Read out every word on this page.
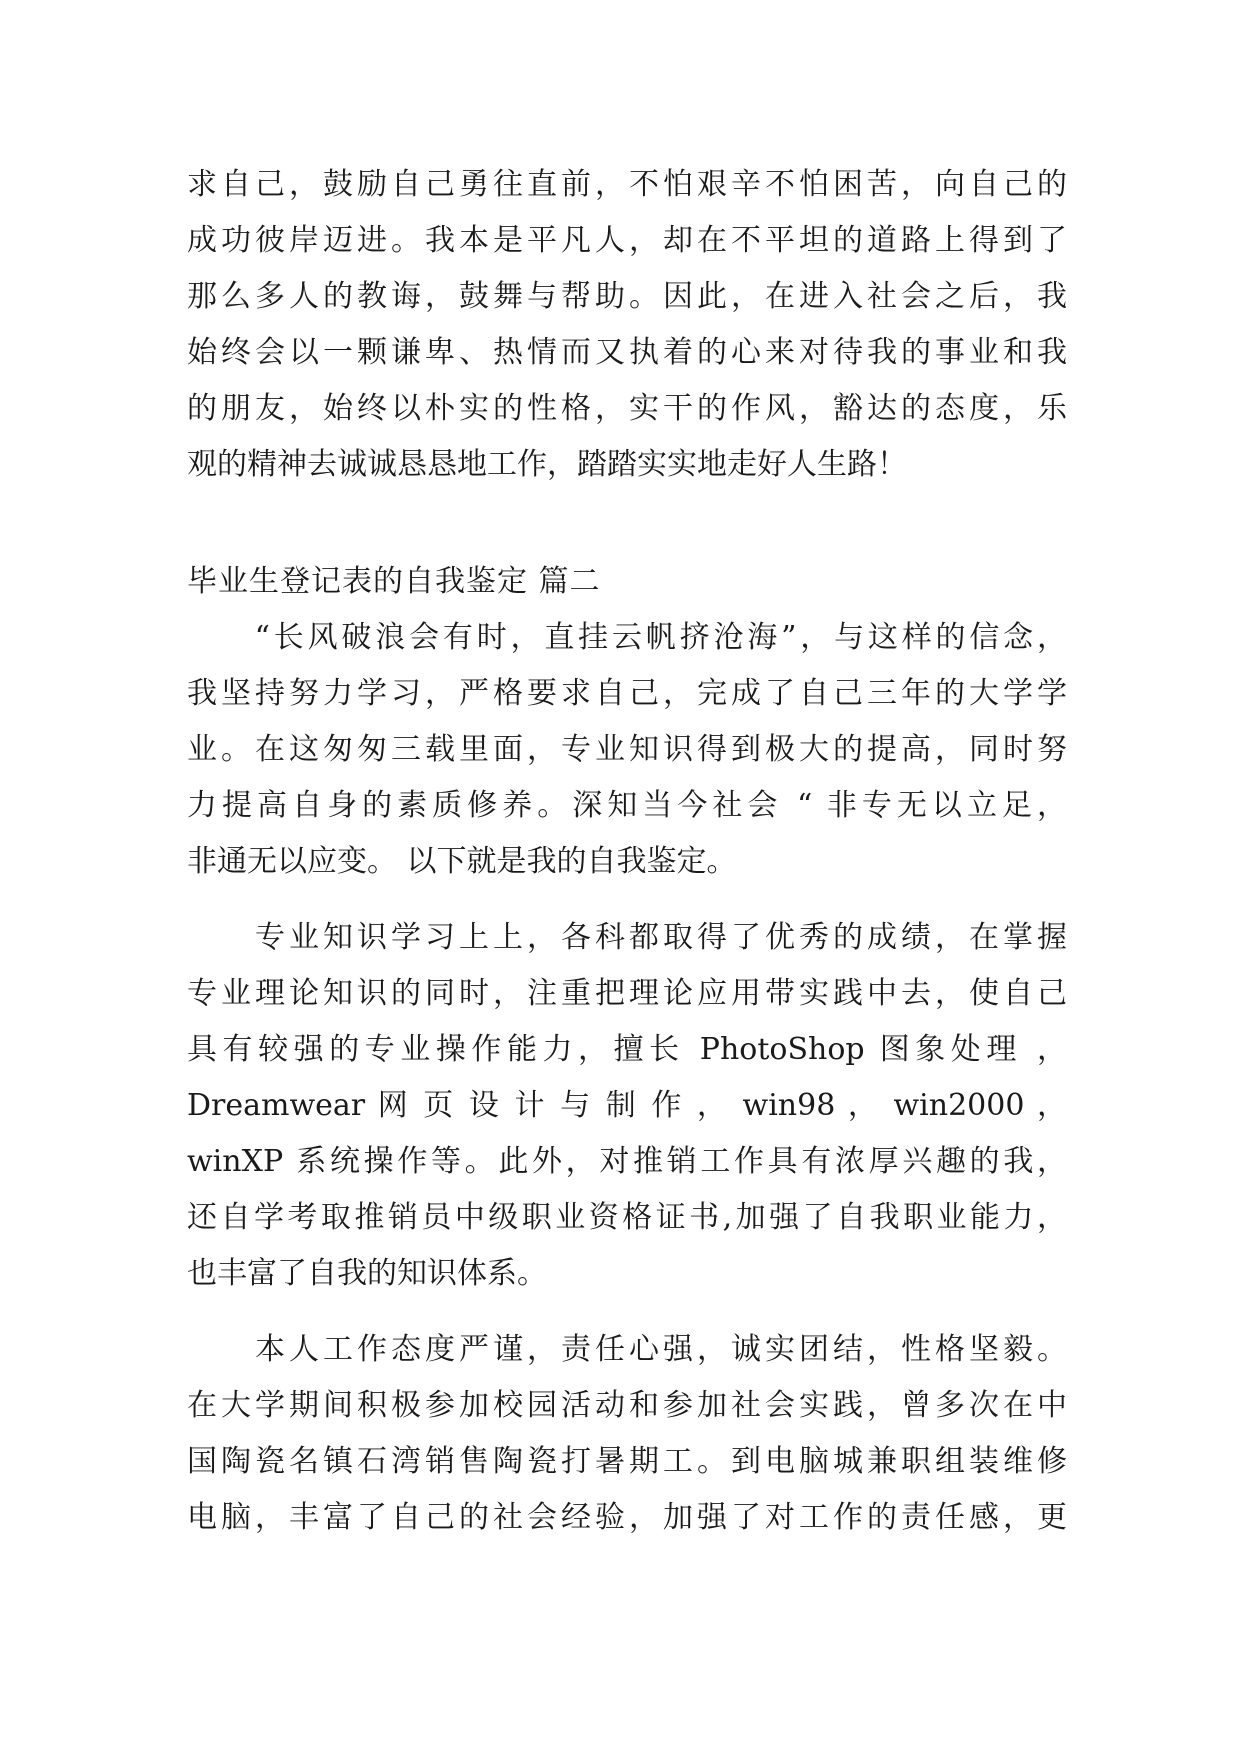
求自己，鼓励自己勇往直前，不怕艰辛不怕困苦，向自己的
成功彼岸迈进。我本是平凡人，却在不平坦的道路上得到了
那么多人的教诲，鼓舞与帮助。因此，在进入社会之后，我
始终会以一颗谦卑、热情而又执着的心来对待我的事业和我
的朋友，始终以朴实的性格，实干的作风，豁达的态度，乐
观的精神去诚诚恳恳地工作，踏踏实实地走好人生路！
毕业生登记表的自我鉴定 篇二
　　“长风破浪会有时，直挂云帆挤沧海”，与这样的信念，
我坚持努力学习，严格要求自己，完成了自己三年的大学学
业。在这匆匆三载里面，专业知识得到极大的提高，同时努
力提高自身的素质修养。深知当今社会 “ 非专无以立足，
非通无以应变。 以下就是我的自我鉴定。
　　专业知识学习上上，各科都取得了优秀的成绩，在掌握
专业理论知识的同时，注重把理论应用带实践中去，使自己
具有较强的专业操作能力，擅长 PhotoShop 图象处理 ，
Dreamwear 网 页 设 计 与 制 作 ， win98 ， win2000 ，
winXP 系统操作等。此外，对推销工作具有浓厚兴趣的我，
还自学考取推销员中级职业资格证书,加强了自我职业能力，
也丰富了自我的知识体系。
　　本人工作态度严谨，责任心强，诚实团结，性格坚毅。
在大学期间积极参加校园活动和参加社会实践，曾多次在中
国陶瓷名镇石湾销售陶瓷打暑期工。到电脑城兼职组装维修
电脑，丰富了自己的社会经验，加强了对工作的责任感，更
